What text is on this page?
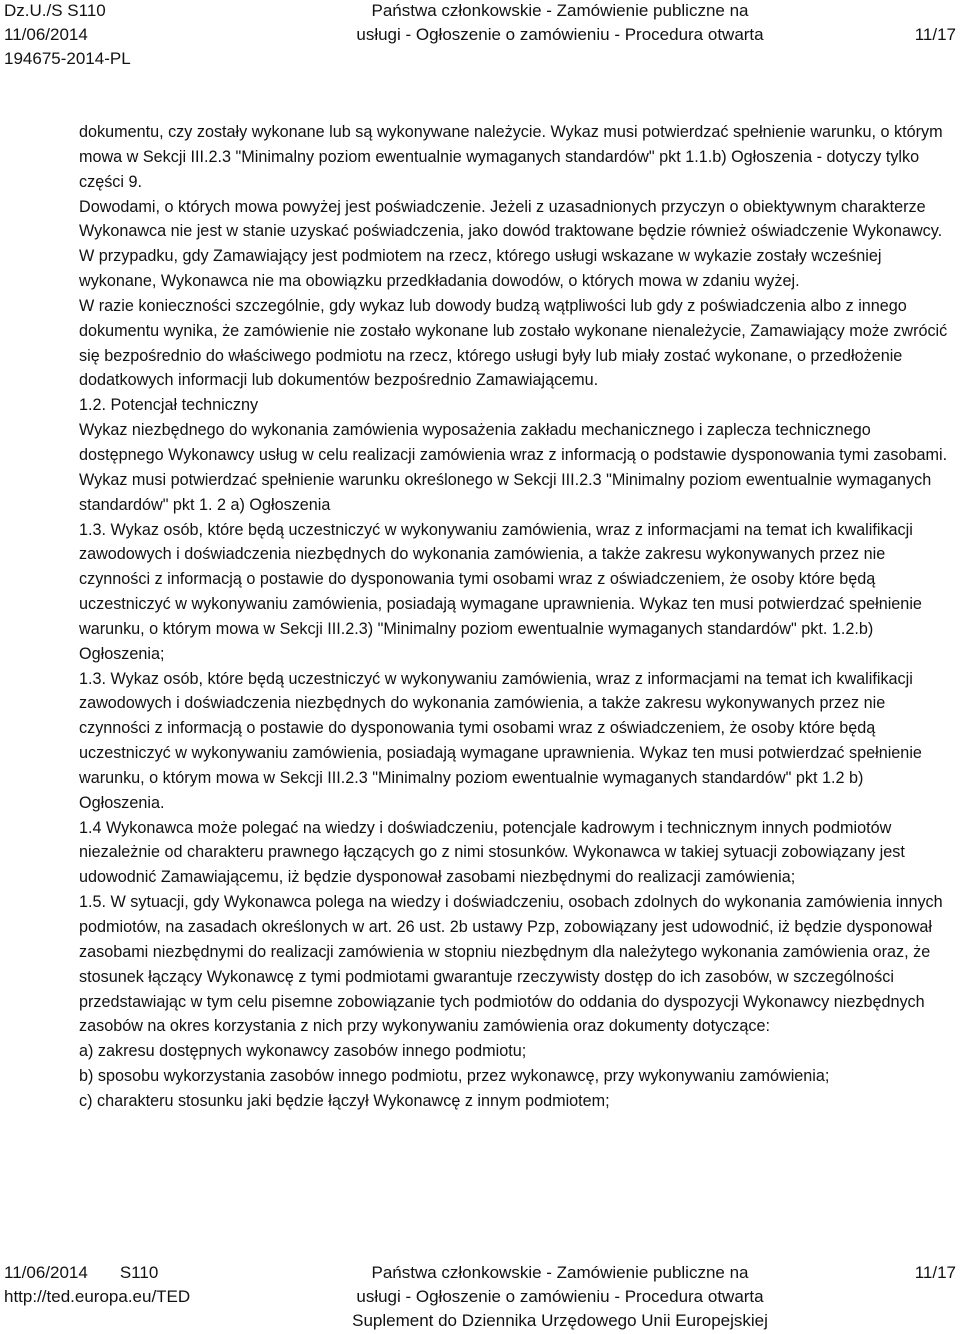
Dz.U./S S110
11/06/2014
194675-2014-PL
Państwa członkowskie - Zamówienie publiczne na
usługi - Ogłoszenie o zamówieniu - Procedura otwarta	11/17

dokumentu, czy zostały wykonane lub są wykonywane należycie. Wykaz musi potwierdzać spełnienie warunku, o którym mowa w Sekcji III.2.3 "Minimalny poziom ewentualnie wymaganych standardów" pkt 1.1.b) Ogłoszenia - dotyczy tylko części 9.

Dowodami, o których mowa powyżej jest poświadczenie. Jeżeli z uzasadnionych przyczyn o obiektywnym charakterze Wykonawca nie jest w stanie uzyskać poświadczenia, jako dowód traktowane będzie również oświadczenie Wykonawcy. W przypadku, gdy Zamawiający jest podmiotem na rzecz, którego usługi wskazane w wykazie zostały wcześniej wykonane, Wykonawca nie ma obowiązku przedkładania dowodów, o których mowa w zdaniu wyżej.

W razie konieczności szczególnie, gdy wykaz lub dowody budzą wątpliwości lub gdy z poświadczenia albo z innego dokumentu wynika, że zamówienie nie zostało wykonane lub zostało wykonane nienależycie, Zamawiający może zwrócić się bezpośrednio do właściwego podmiotu na rzecz, którego usługi były lub miały zostać wykonane, o przedłożenie dodatkowych informacji lub dokumentów bezpośrednio Zamawiającemu.

1.2. Potencjał techniczny

Wykaz niezbędnego do wykonania zamówienia wyposażenia zakładu mechanicznego i zaplecza technicznego dostępnego Wykonawcy usług w celu realizacji zamówienia wraz z informacją o podstawie dysponowania tymi zasobami. Wykaz musi potwierdzać spełnienie warunku określonego w Sekcji III.2.3 "Minimalny poziom ewentualnie wymaganych standardów" pkt 1. 2 a) Ogłoszenia

1.3. Wykaz osób, które będą uczestniczyć w wykonywaniu zamówienia, wraz z informacjami na temat ich kwalifikacji zawodowych i doświadczenia niezbędnych do wykonania zamówienia, a także zakresu wykonywanych przez nie czynności z informacją o postawie do dysponowania tymi osobami wraz z oświadczeniem, że osoby które będą uczestniczyć w wykonywaniu zamówienia, posiadają wymagane uprawnienia. Wykaz ten musi potwierdzać spełnienie warunku, o którym mowa w Sekcji III.2.3) "Minimalny poziom ewentualnie wymaganych standardów" pkt. 1.2.b) Ogłoszenia;

1.3. Wykaz osób, które będą uczestniczyć w wykonywaniu zamówienia, wraz z informacjami na temat ich kwalifikacji zawodowych i doświadczenia niezbędnych do wykonania zamówienia, a także zakresu wykonywanych przez nie czynności z informacją o postawie do dysponowania tymi osobami wraz z oświadczeniem, że osoby które będą uczestniczyć w wykonywaniu zamówienia, posiadają wymagane uprawnienia. Wykaz ten musi potwierdzać spełnienie warunku, o którym mowa w Sekcji III.2.3 "Minimalny poziom ewentualnie wymaganych standardów" pkt 1.2 b) Ogłoszenia.

1.4 Wykonawca może polegać na wiedzy i doświadczeniu, potencjale kadrowym i technicznym innych podmiotów niezależnie od charakteru prawnego łączących go z nimi stosunków. Wykonawca w takiej sytuacji zobowiązany jest udowodnić Zamawiającemu, iż będzie dysponował zasobami niezbędnymi do realizacji zamówienia;

1.5. W sytuacji, gdy Wykonawca polega na wiedzy i doświadczeniu, osobach zdolnych do wykonania zamówienia innych podmiotów, na zasadach określonych w art. 26 ust. 2b ustawy Pzp, zobowiązany jest udowodnić, iż będzie dysponował zasobami niezbędnymi do realizacji zamówienia w stopniu niezbędnym dla należytego wykonania zamówienia oraz, że stosunek łączący Wykonawcę z tymi podmiotami gwarantuje rzeczywisty dostęp do ich zasobów, w szczególności przedstawiając w tym celu pisemne zobowiązanie tych podmiotów do oddania do dyspozycji Wykonawcy niezbędnych zasobów na okres korzystania z nich przy wykonywaniu zamówienia oraz dokumenty dotyczące:

a) zakresu dostępnych wykonawcy zasobów innego podmiotu;

b) sposobu wykorzystania zasobów innego podmiotu, przez wykonawcę, przy wykonywaniu zamówienia;

c) charakteru stosunku jaki będzie łączył Wykonawcę z innym podmiotem;

11/06/2014 S110
http://ted.europa.eu/TED
Państwa członkowskie - Zamówienie publiczne na
usługi - Ogłoszenie o zamówieniu - Procedura otwarta
Suplement do Dziennika Urzędowego Unii Europejskiej
11/17
